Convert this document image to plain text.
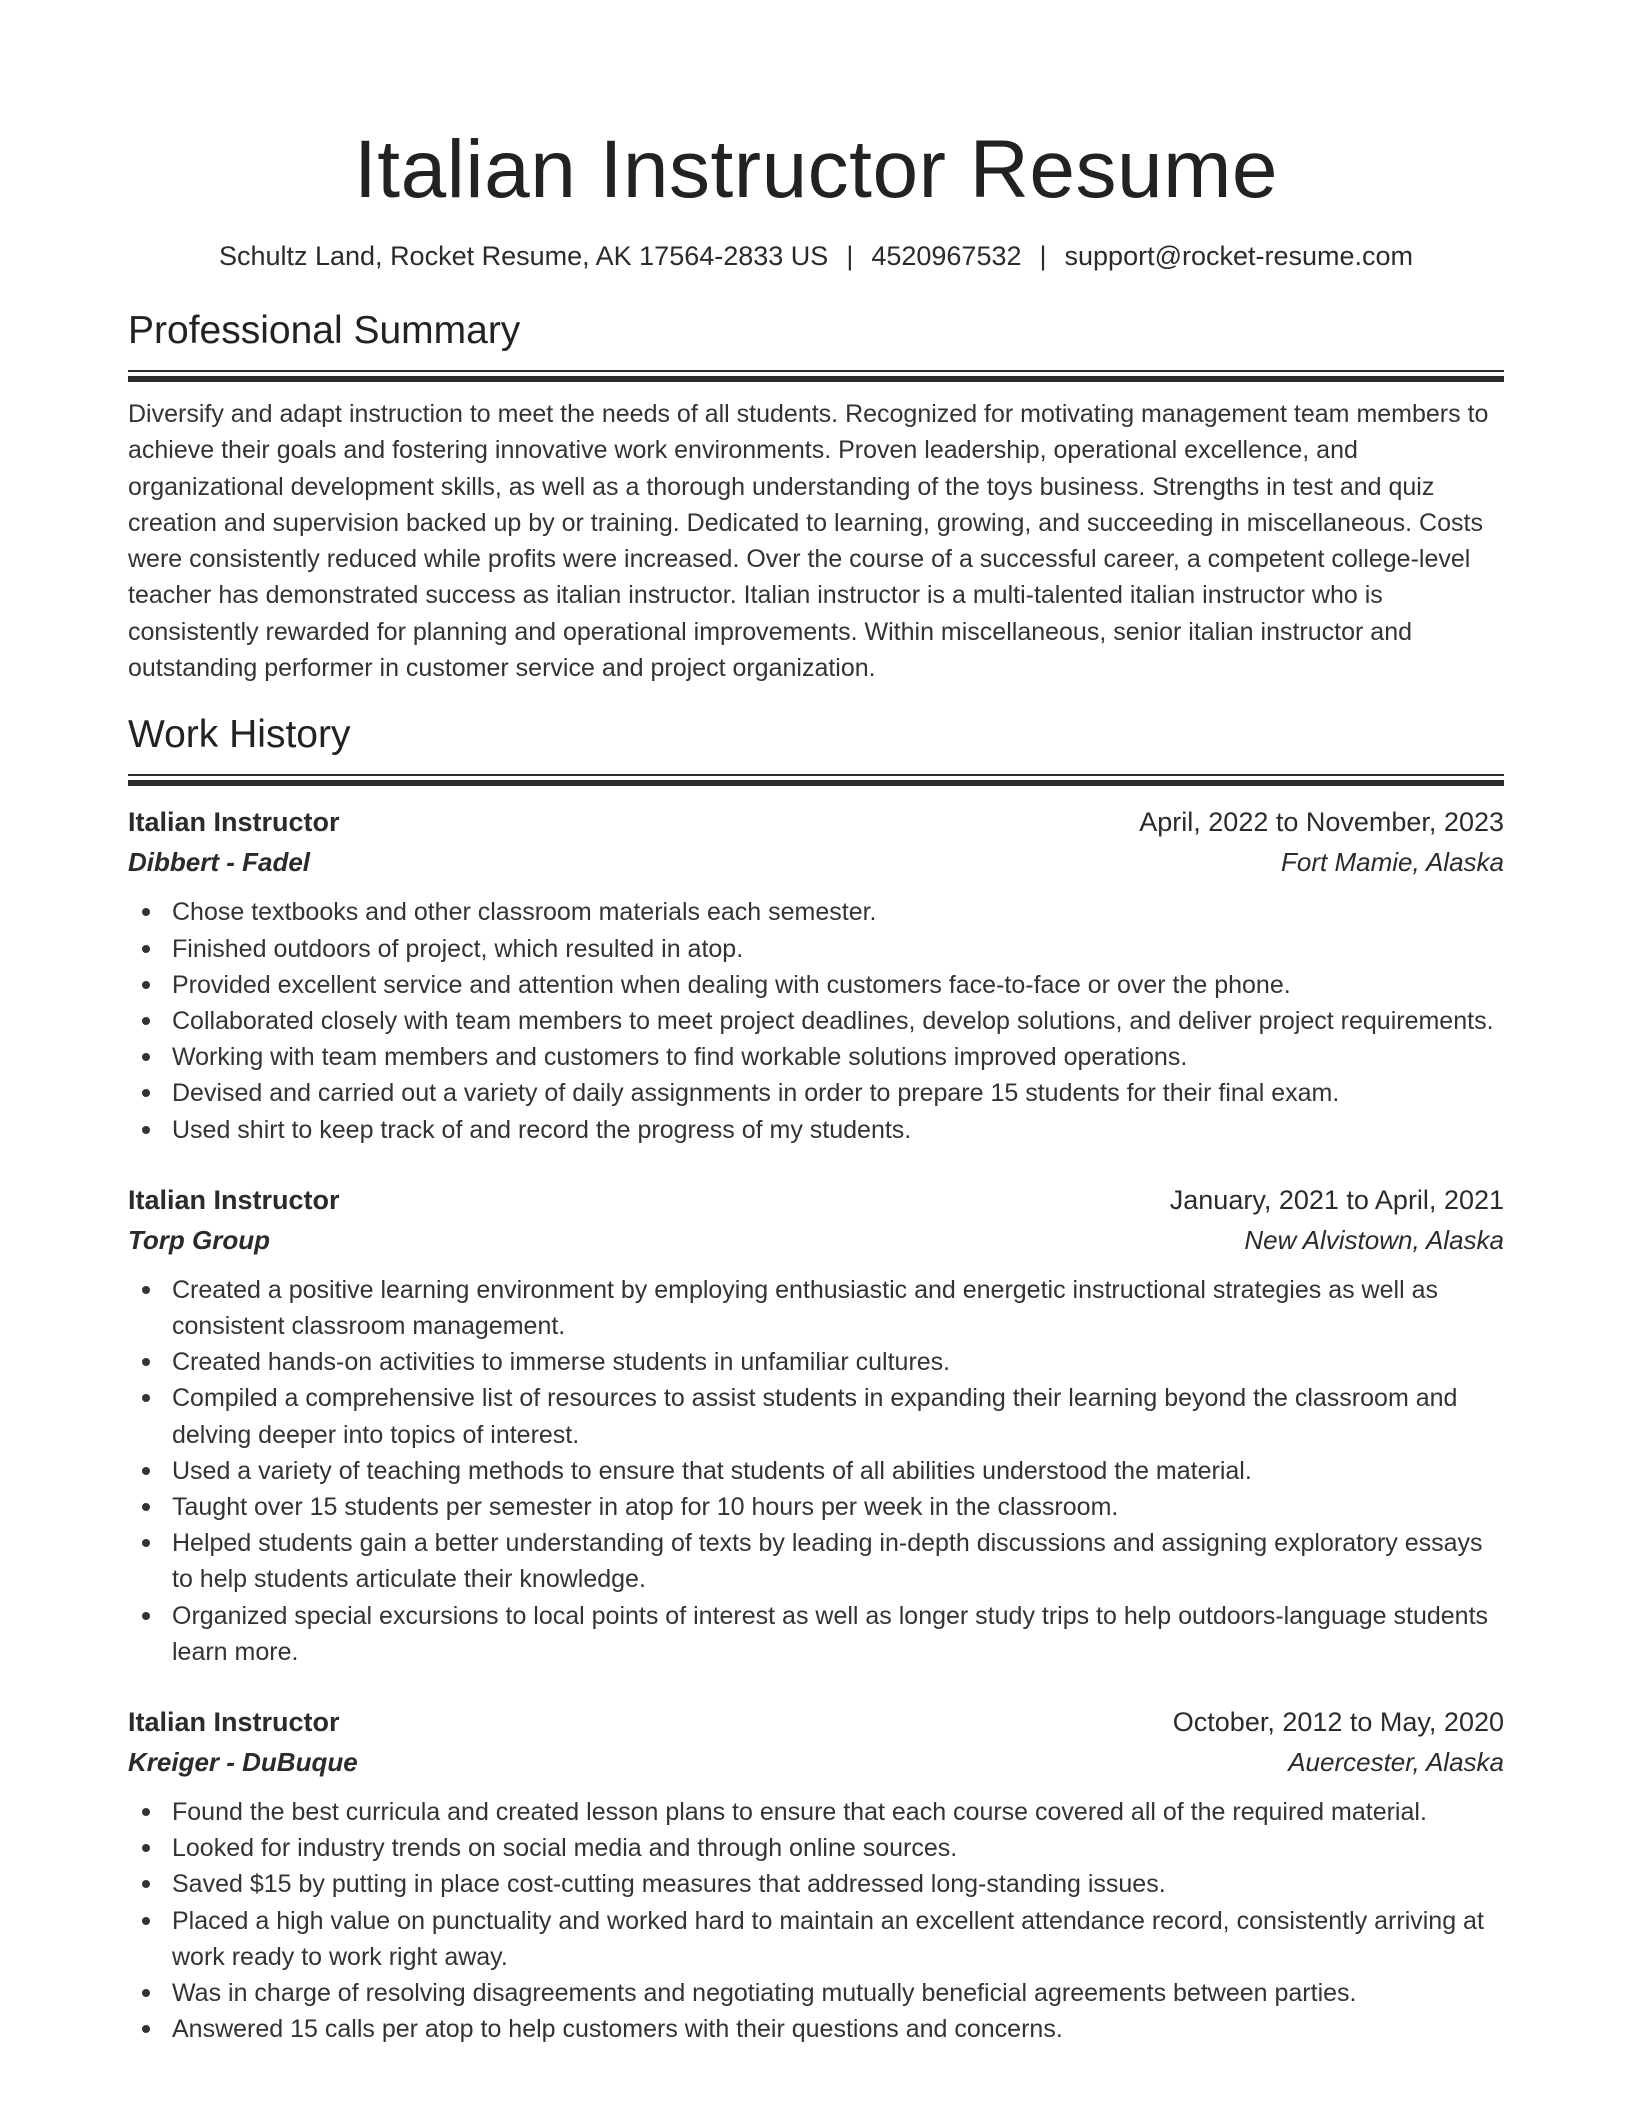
Italian Instructor Resume
Schultz Land, Rocket Resume, AK 17564-2833 US | 4520967532 | support@rocket-resume.com
Professional Summary

Diversify and adapt instruction to meet the needs of all students. Recognized for motivating management team members to achieve their goals and fostering innovative work environments. Proven leadership, operational excellence, and organizational development skills, as well as a thorough understanding of the toys business. Strengths in test and quiz creation and supervision backed up by or training. Dedicated to learning, growing, and succeeding in miscellaneous. Costs were consistently reduced while profits were increased. Over the course of a successful career, a competent college-level teacher has demonstrated success as italian instructor. Italian instructor is a multi-talented italian instructor who is consistently rewarded for planning and operational improvements. Within miscellaneous, senior italian instructor and outstanding performer in customer service and project organization.

Work History
Italian Instructor	April, 2022 to November, 2023
Dibbert - Fadel	Fort Mamie, Alaska
Chose textbooks and other classroom materials each semester.
Finished outdoors of project, which resulted in atop.
Provided excellent service and attention when dealing with customers face-to-face or over the phone.
Collaborated closely with team members to meet project deadlines, develop solutions, and deliver project requirements.
Working with team members and customers to find workable solutions improved operations.
Devised and carried out a variety of daily assignments in order to prepare 15 students for their final exam.
Used shirt to keep track of and record the progress of my students.
Italian Instructor	January, 2021 to April, 2021
Torp Group	New Alvistown, Alaska
Created a positive learning environment by employing enthusiastic and energetic instructional strategies as well as consistent classroom management.
Created hands-on activities to immerse students in unfamiliar cultures.
Compiled a comprehensive list of resources to assist students in expanding their learning beyond the classroom and delving deeper into topics of interest.
Used a variety of teaching methods to ensure that students of all abilities understood the material.
Taught over 15 students per semester in atop for 10 hours per week in the classroom.
Helped students gain a better understanding of texts by leading in-depth discussions and assigning exploratory essays to help students articulate their knowledge.
Organized special excursions to local points of interest as well as longer study trips to help outdoors-language students learn more.
Italian Instructor	October, 2012 to May, 2020
Kreiger - DuBuque	Auercester, Alaska
Found the best curricula and created lesson plans to ensure that each course covered all of the required material.
Looked for industry trends on social media and through online sources.
Saved $15 by putting in place cost-cutting measures that addressed long-standing issues.
Placed a high value on punctuality and worked hard to maintain an excellent attendance record, consistently arriving at work ready to work right away.
Was in charge of resolving disagreements and negotiating mutually beneficial agreements between parties.
Answered 15 calls per atop to help customers with their questions and concerns.
